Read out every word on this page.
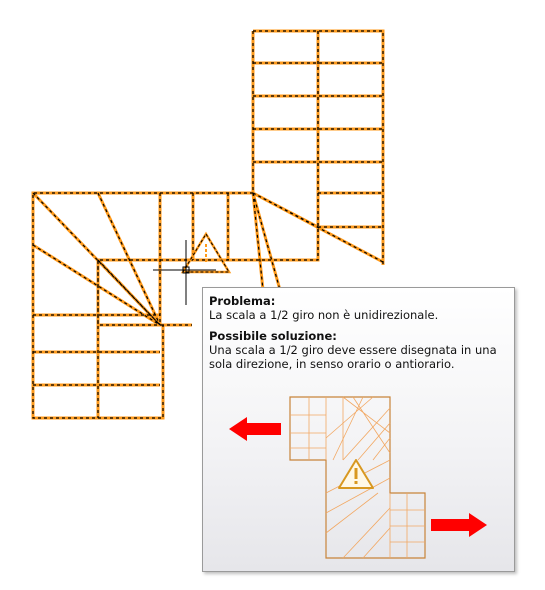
Problema:
La scala a 1/2 giro non è unidirezionale.
Possibile soluzione:
Una scala a 1/2 giro deve essere disegnata in una sola direzione, in senso orario o antiorario.
